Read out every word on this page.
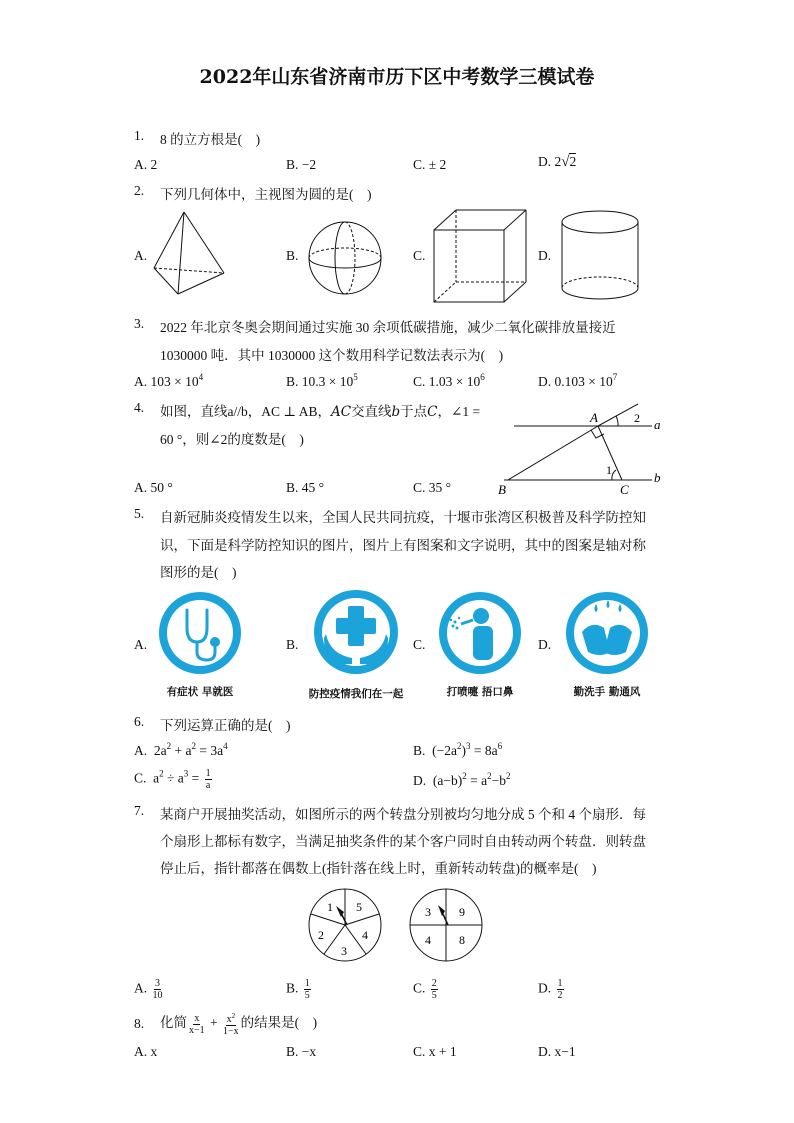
2022年山东省济南市历下区中考数学三模试卷
1.	8 的立方根是(　)
A. 2	B. −2	C. ± 2	D. 2√2
2.	下列几何体中，主视图为圆的是(　)
A.	B.	C.	D.
3.	2022 年北京冬奥会期间通过实施 30 余项低碳措施，减少二氧化碳排放量接近
1030000 吨．其中 1030000 这个数用科学记数法表示为(　)
A. $103 \times 10^4$	B. $10.3 \times 10^5$	C. $1.03 \times 10^6$	D. $0.103 \times 10^7$
4.	如图，直线a//b，AC ⊥ AB，𝐴𝐶交直线𝑏于点𝐶，∠1 =
60 °，则∠2的度数是(　)
A. 50 °	B. 45 °	C. 35 °
A
B	C
a
b
1
2
5.	自新冠肺炎疫情发生以来，全国人民共同抗疫，十堰市张湾区积极普及科学防控知
识，下面是科学防控知识的图片，图片上有图案和文字说明，其中的图案是轴对称
图形的是(　)
A.	B.	C.	D.
有症状 早就医	防控疫情我们在一起	打喷嚏 捂口鼻	勤洗手 勤通风
6.	下列运算正确的是(　)
A.  $2a^2 + a^2 = 3a^4$	B.  $(-2a^2)^3 = 8a^6$
C.  $a^2 \div a^3 = \frac{1}{a}$	D.  $(a-b)^2 = a^2-b^2$
7.	某商户开展抽奖活动，如图所示的两个转盘分别被均匀地分成 5 个和 4 个扇形．每
个扇形上都标有数字，当满足抽奖条件的某个客户同时自由转动两个转盘．则转盘
停止后，指针都落在偶数上(指针落在线上时，重新转动转盘)的概率是(　)
1 5
4
3
2
3 9
8
4
A. $\frac{3}{10}$	B. $\frac{1}{5}$	C. $\frac{2}{5}$	D. $\frac{1}{2}$
8.	化简 $\frac{x}{x-1} + \frac{x^2}{1-x}$ 的结果是(　)
A. x	B. −x	C. x + 1	D. x−1
